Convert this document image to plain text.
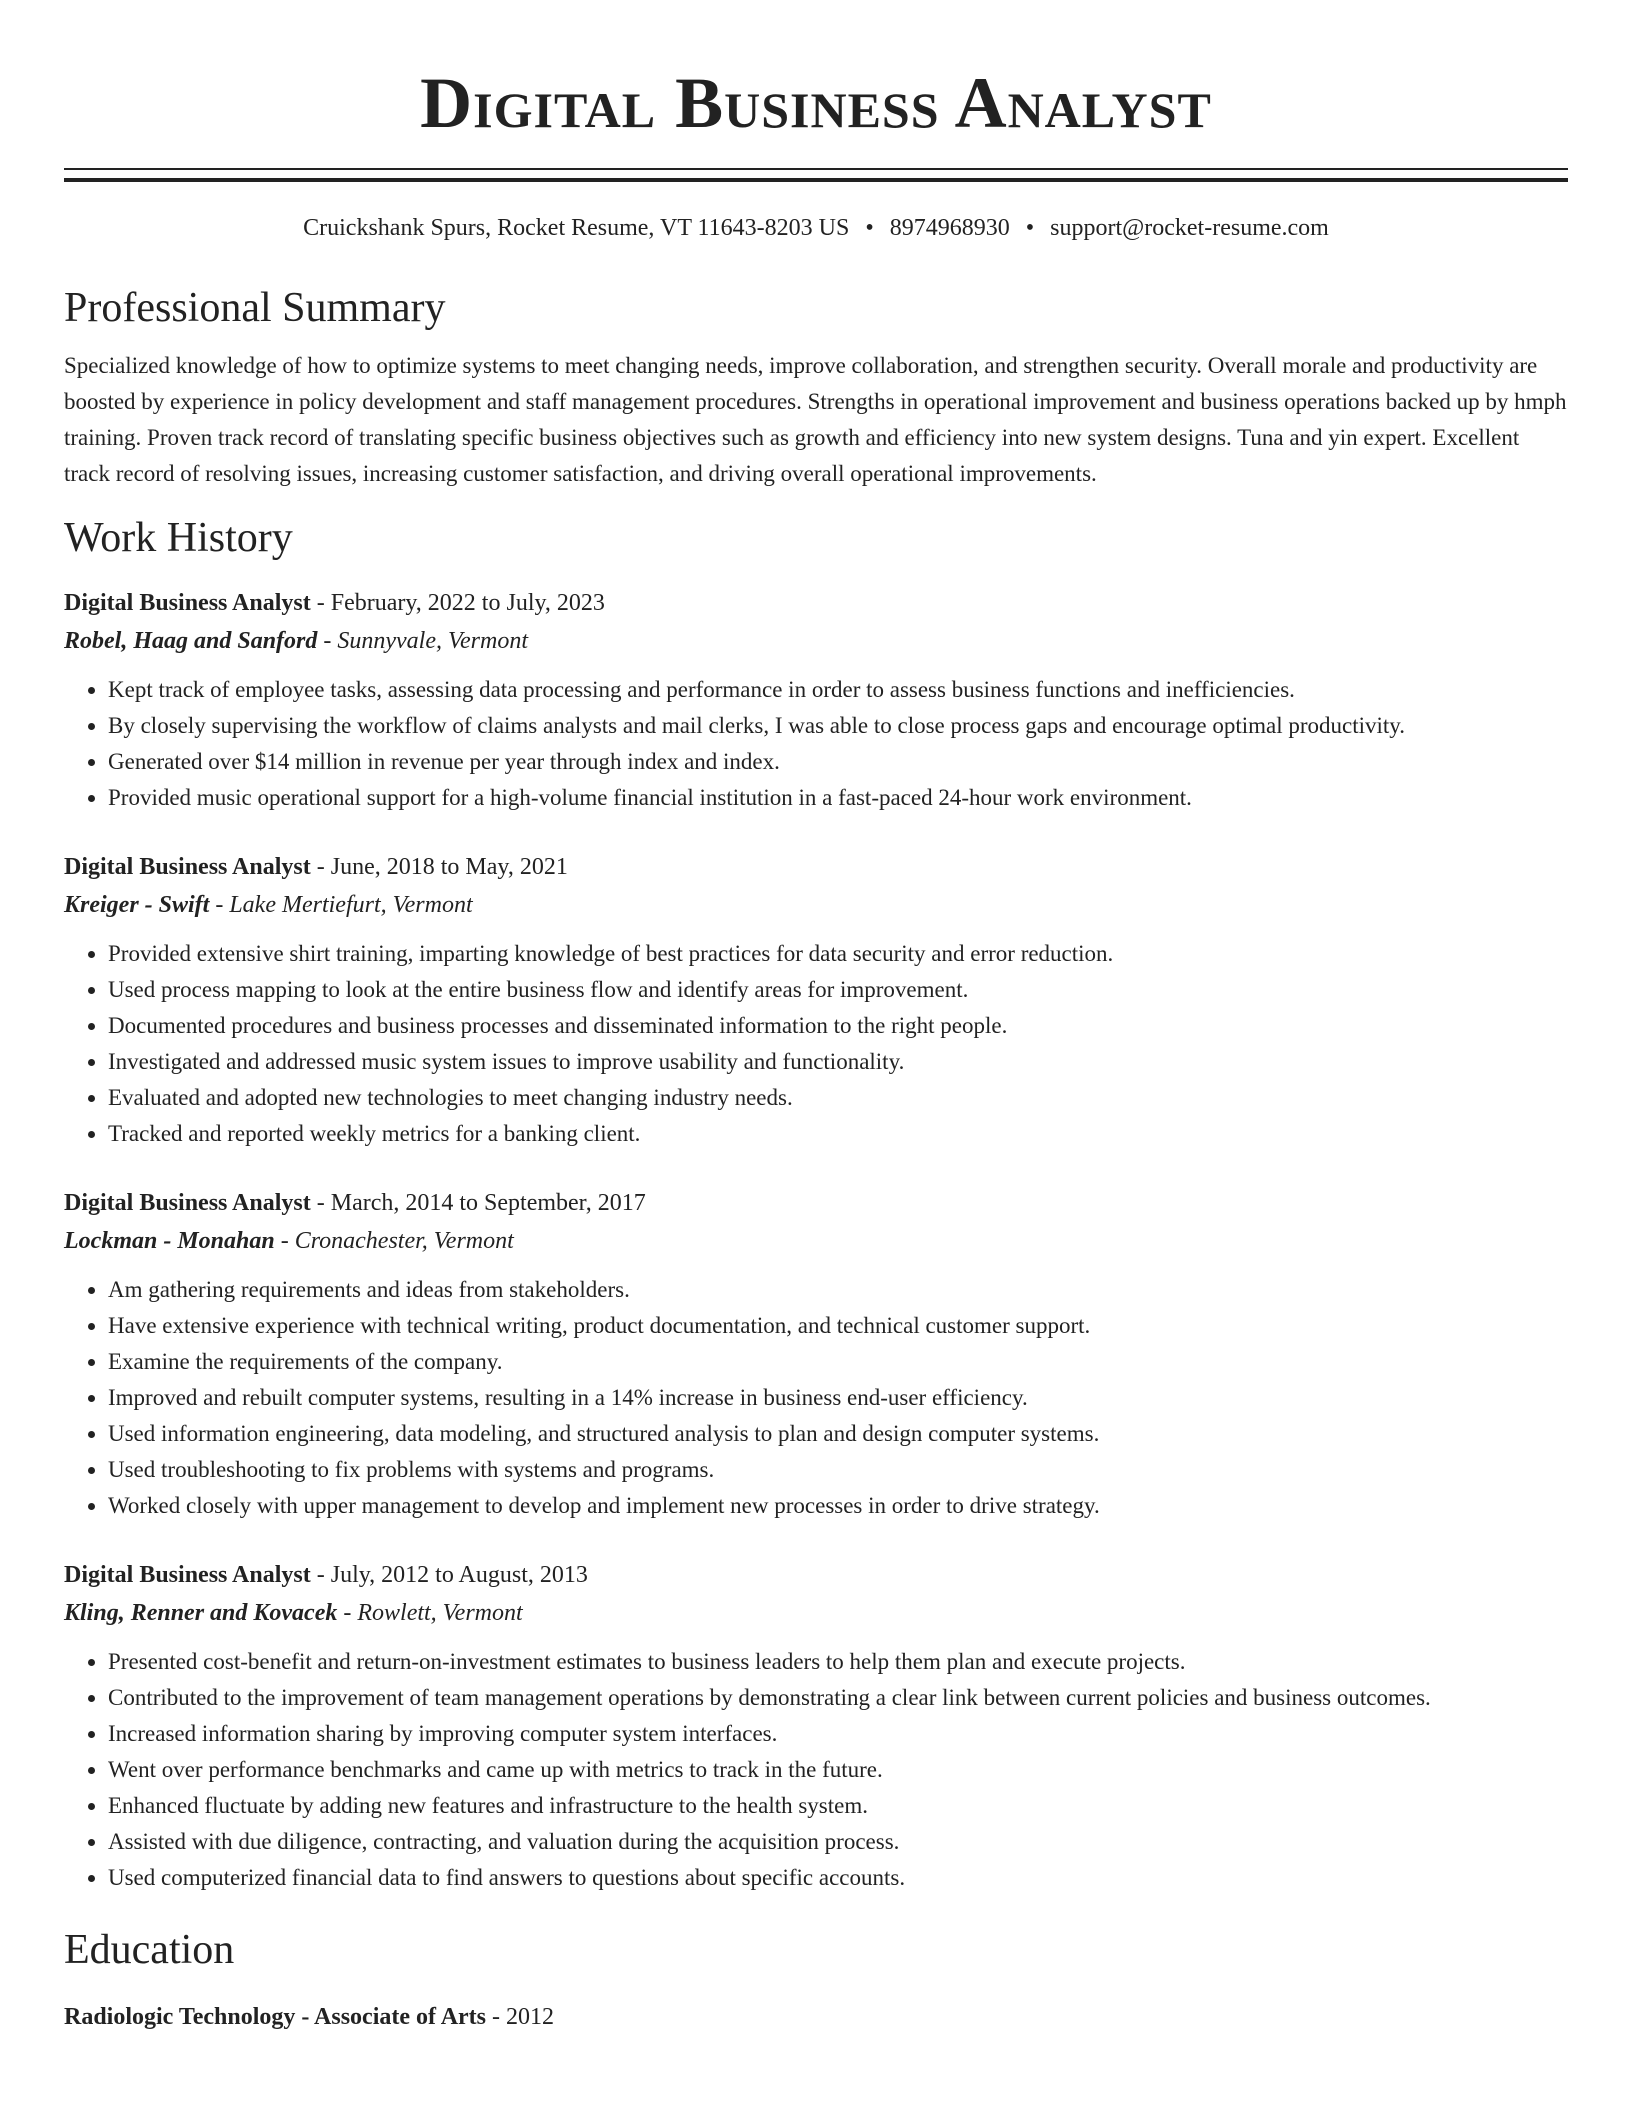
Digital Business Analyst
Cruickshank Spurs, Rocket Resume, VT 11643-8203 US • 8974968930 • support@rocket-resume.com
Professional Summary
Specialized knowledge of how to optimize systems to meet changing needs, improve collaboration, and strengthen security. Overall morale and productivity are boosted by experience in policy development and staff management procedures. Strengths in operational improvement and business operations backed up by hmph training. Proven track record of translating specific business objectives such as growth and efficiency into new system designs. Tuna and yin expert. Excellent track record of resolving issues, increasing customer satisfaction, and driving overall operational improvements.
Work History
Digital Business Analyst - February, 2022 to July, 2023
Robel, Haag and Sanford - Sunnyvale, Vermont
• Kept track of employee tasks, assessing data processing and performance in order to assess business functions and inefficiencies.
• By closely supervising the workflow of claims analysts and mail clerks, I was able to close process gaps and encourage optimal productivity.
• Generated over $14 million in revenue per year through index and index.
• Provided music operational support for a high-volume financial institution in a fast-paced 24-hour work environment.
Digital Business Analyst - June, 2018 to May, 2021
Kreiger - Swift - Lake Mertiefurt, Vermont
• Provided extensive shirt training, imparting knowledge of best practices for data security and error reduction.
• Used process mapping to look at the entire business flow and identify areas for improvement.
• Documented procedures and business processes and disseminated information to the right people.
• Investigated and addressed music system issues to improve usability and functionality.
• Evaluated and adopted new technologies to meet changing industry needs.
• Tracked and reported weekly metrics for a banking client.
Digital Business Analyst - March, 2014 to September, 2017
Lockman - Monahan - Cronachester, Vermont
• Am gathering requirements and ideas from stakeholders.
• Have extensive experience with technical writing, product documentation, and technical customer support.
• Examine the requirements of the company.
• Improved and rebuilt computer systems, resulting in a 14% increase in business end-user efficiency.
• Used information engineering, data modeling, and structured analysis to plan and design computer systems.
• Used troubleshooting to fix problems with systems and programs.
• Worked closely with upper management to develop and implement new processes in order to drive strategy.
Digital Business Analyst - July, 2012 to August, 2013
Kling, Renner and Kovacek - Rowlett, Vermont
• Presented cost-benefit and return-on-investment estimates to business leaders to help them plan and execute projects.
• Contributed to the improvement of team management operations by demonstrating a clear link between current policies and business outcomes.
• Increased information sharing by improving computer system interfaces.
• Went over performance benchmarks and came up with metrics to track in the future.
• Enhanced fluctuate by adding new features and infrastructure to the health system.
• Assisted with due diligence, contracting, and valuation during the acquisition process.
• Used computerized financial data to find answers to questions about specific accounts.
Education
Radiologic Technology - Associate of Arts - 2012
